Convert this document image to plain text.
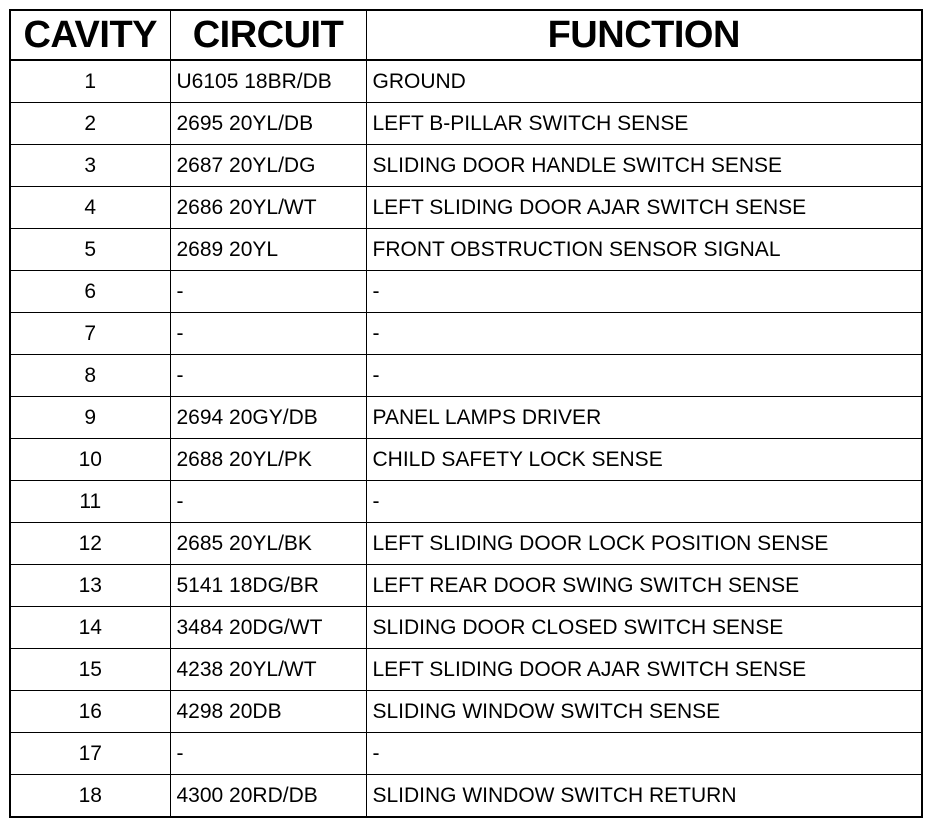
CAVITY	CIRCUIT	FUNCTION
1	U6105 18BR/DB	GROUND
2	2695 20YL/DB	LEFT B-PILLAR SWITCH SENSE
3	2687 20YL/DG	SLIDING DOOR HANDLE SWITCH SENSE
4	2686 20YL/WT	LEFT SLIDING DOOR AJAR SWITCH SENSE
5	2689 20YL	FRONT OBSTRUCTION SENSOR SIGNAL
6	-	-
7	-	-
8	-	-
9	2694 20GY/DB	PANEL LAMPS DRIVER
10	2688 20YL/PK	CHILD SAFETY LOCK SENSE
11	-	-
12	2685 20YL/BK	LEFT SLIDING DOOR LOCK POSITION SENSE
13	5141 18DG/BR	LEFT REAR DOOR SWING SWITCH SENSE
14	3484 20DG/WT	SLIDING DOOR CLOSED SWITCH SENSE
15	4238 20YL/WT	LEFT SLIDING DOOR AJAR SWITCH SENSE
16	4298 20DB	SLIDING WINDOW SWITCH SENSE
17	-	-
18	4300 20RD/DB	SLIDING WINDOW SWITCH RETURN
